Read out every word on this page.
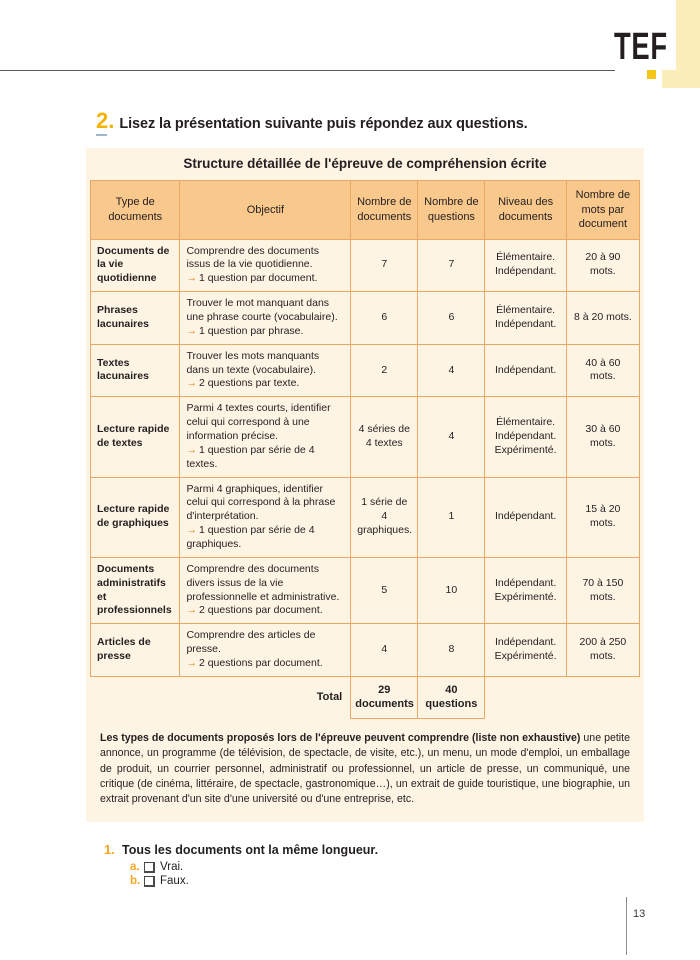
TEF
2. Lisez la présentation suivante puis répondez aux questions.
Structure détaillée de l'épreuve de compréhension écrite
Type de documents	Objectif	Nombre de documents	Nombre de questions	Niveau des documents	Nombre de mots par document
Documents de la vie quotidienne	Comprendre des documents issus de la vie quotidienne.
→ 1 question par document.	7	7	Élémentaire. Indépendant.	20 à 90 mots.
Phrases lacunaires	Trouver le mot manquant dans une phrase courte (vocabulaire).
→ 1 question par phrase.	6	6	Élémentaire. Indépendant.	8 à 20 mots.
Textes lacunaires	Trouver les mots manquants dans un texte (vocabulaire).
→ 2 questions par texte.	2	4	Indépendant.	40 à 60 mots.
Lecture rapide de textes	Parmi 4 textes courts, identifier celui qui correspond à une information précise.
→ 1 question par série de 4 textes.	4 séries de 4 textes	4	Élémentaire. Indépendant. Expérimenté.	30 à 60 mots.
Lecture rapide de graphiques	Parmi 4 graphiques, identifier celui qui correspond à la phrase d'interprétation.
→ 1 question par série de 4 graphiques.	1 série de 4 graphiques.	1	Indépendant.	15 à 20 mots.
Documents administratifs et professionnels	Comprendre des documents divers issus de la vie professionnelle et administrative.
→ 2 questions par document.	5	10	Indépendant. Expérimenté.	70 à 150 mots.
Articles de presse	Comprendre des articles de presse.
→ 2 questions par document.	4	8	Indépendant. Expérimenté.	200 à 250 mots.
	Total	29 documents	40 questions		
Les types de documents proposés lors de l'épreuve peuvent comprendre (liste non exhaustive) une petite annonce, un programme (de télévision, de spectacle, de visite, etc.), un menu, un mode d'emploi, un emballage de produit, un courrier personnel, administratif ou professionnel, un article de presse, un communiqué, une critique (de cinéma, littéraire, de spectacle, gastronomique…), un extrait de guide touristique, une biographie, un extrait provenant d'un site d'une université ou d'une entreprise, etc.
1. Tous les documents ont la même longueur.
a.	Vrai.
b.	Faux.
13
